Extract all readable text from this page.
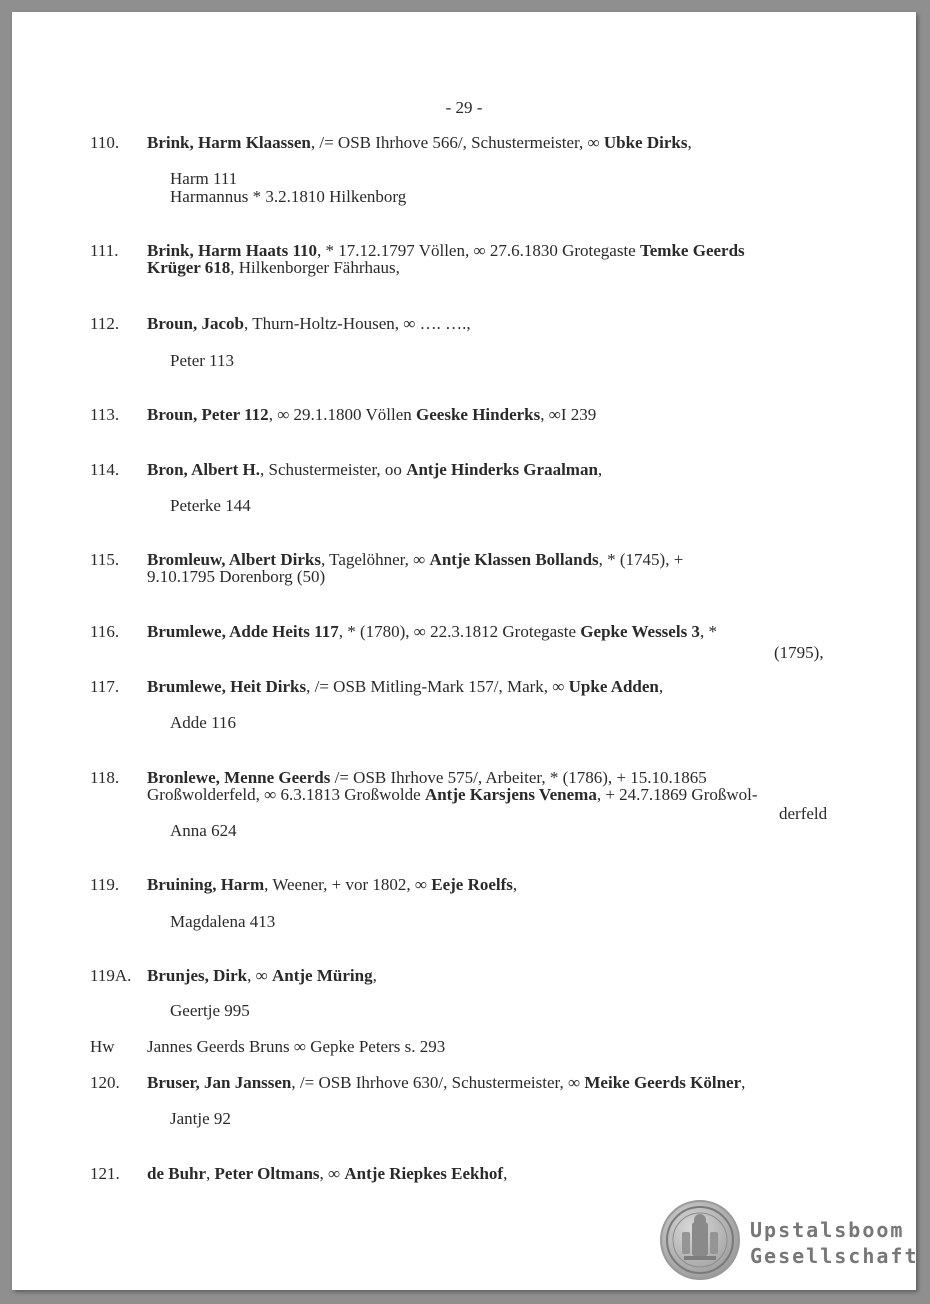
- 29 -
110. Brink, Harm Klaassen, /= OSB Ihrhove 566/, Schustermeister, ∞ Ubke Dirks,
Harm 111
Harmannus * 3.2.1810 Hilkenborg
111. Brink, Harm Haats 110, * 17.12.1797 Völlen, ∞ 27.6.1830 Grotegaste Temke Geerds
Krüger 618, Hilkenborger Fährhaus,
112. Broun, Jacob, Thurn-Holtz-Housen, ∞ …. ….,
Peter 113
113. Broun, Peter 112, ∞ 29.1.1800 Völlen Geeske Hinderks, ∞I 239
114. Bron, Albert H., Schustermeister, oo Antje Hinderks Graalman,
Peterke 144
115. Bromleuw, Albert Dirks, Tagelöhner, ∞ Antje Klassen Bollands, * (1745), +
9.10.1795 Dorenborg (50)
116. Brumlewe, Adde Heits 117, * (1780), ∞ 22.3.1812 Grotegaste Gepke Wessels 3, *
(1795),
117. Brumlewe, Heit Dirks, /= OSB Mitling-Mark 157/, Mark, ∞ Upke Adden,
Adde 116
118. Bronlewe, Menne Geerds /= OSB Ihrhove 575/, Arbeiter, * (1786), + 15.10.1865
Großwolderfeld, ∞ 6.3.1813 Großwolde Antje Karsjens Venema, + 24.7.1869 Großwol-
derfeld
Anna 624
119. Bruining, Harm, Weener, + vor 1802, ∞ Eeje Roelfs,
Magdalena 413
119A. Brunjes, Dirk, ∞ Antje Müring,
Geertje 995
Hw Jannes Geerds Bruns ∞ Gepke Peters s. 293
120. Bruser, Jan Janssen, /= OSB Ihrhove 630/, Schustermeister, ∞ Meike Geerds Kölner,
Jantje 92
121. de Buhr, Peter Oltmans, ∞ Antje Riepkes Eekhof,
Upstalsboom
Gesellschaft
